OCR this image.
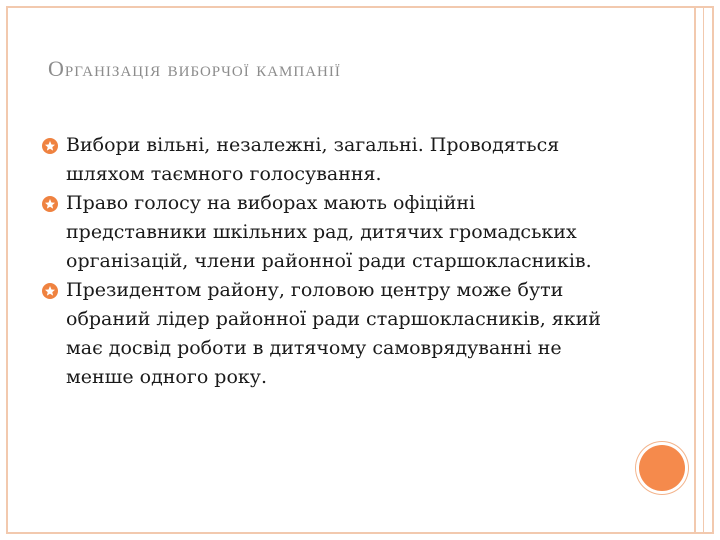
Організація виборчої кампанії
Вибори вільні, незалежні, загальні. Проводяться шляхом таємного голосування.
Право голосу на виборах мають офіційні представники шкільних рад, дитячих громадських організацій, члени районної ради старшокласників.
Президентом району, головою центру може бути обраний лідер районної ради старшокласників, який має досвід роботи в дитячому самоврядуванні не менше одного року.
